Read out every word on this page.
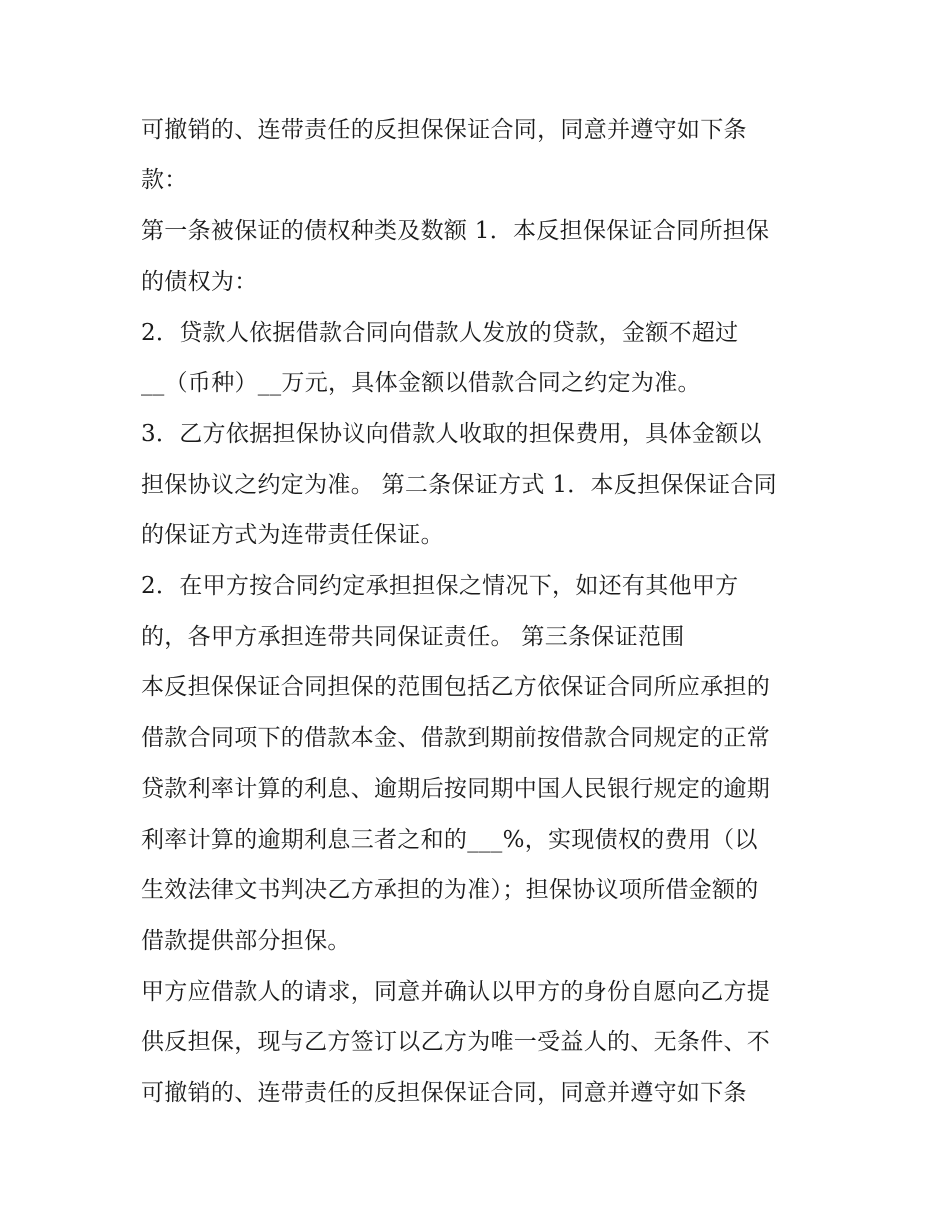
可撤销的、连带责任的反担保保证合同，同意并遵守如下条
款：
第一条被保证的债权种类及数额 1．本反担保保证合同所担保
的债权为：
2．贷款人依据借款合同向借款人发放的贷款，金额不超过
__（币种）__万元，具体金额以借款合同之约定为准。
3．乙方依据担保协议向借款人收取的担保费用，具体金额以
担保协议之约定为准。 第二条保证方式 1．本反担保保证合同
的保证方式为连带责任保证。
2．在甲方按合同约定承担担保之情况下，如还有其他甲方
的，各甲方承担连带共同保证责任。 第三条保证范围
本反担保保证合同担保的范围包括乙方依保证合同所应承担的
借款合同项下的借款本金、借款到期前按借款合同规定的正常
贷款利率计算的利息、逾期后按同期中国人民银行规定的逾期
利率计算的逾期利息三者之和的___%，实现债权的费用（以
生效法律文书判决乙方承担的为准）；担保协议项所借金额的
借款提供部分担保。
甲方应借款人的请求，同意并确认以甲方的身份自愿向乙方提
供反担保，现与乙方签订以乙方为唯一受益人的、无条件、不
可撤销的、连带责任的反担保保证合同，同意并遵守如下条
